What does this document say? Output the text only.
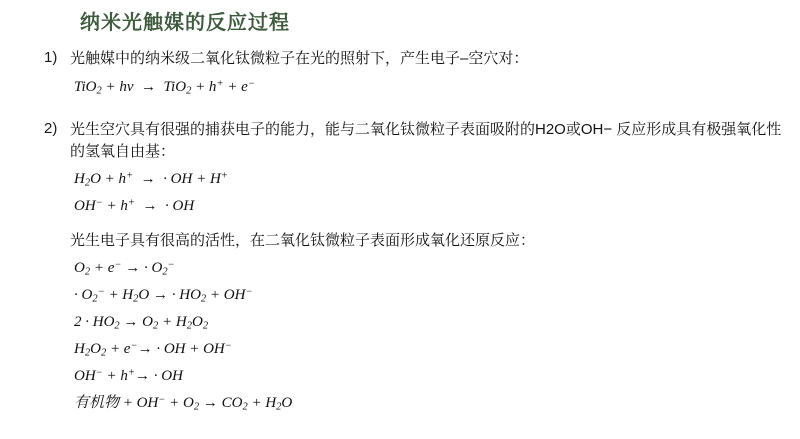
纳米光触媒的反应过程
1) 光触媒中的纳米级二氧化钛微粒子在光的照射下，产生电子–空穴对：
TiO$_2$ + hv  →  TiO$_2$ + h+ + e−
2) 光生空穴具有很强的捕获电子的能力，能与二氧化钛微粒子表面吸附的H2O或OH− 反应形成具有极强氧化性的氢氧自由基：
$H_2O + h^+$  →  · OH + H+
OH− + h+  →  · OH
光生电子具有很高的活性，在二氧化钛微粒子表面形成氧化还原反应：
$O_2 + e^-$ → · $O_2^-$
· $O_2^- + H_2O$ → · $HO_2 + OH^-$
$2 \cdot HO_2 \to O_2 + H_2O_2$
$H_2O_2 + e^-\to$ · OH + OH−
OH− + h+→ · OH
有机物 + $OH^- + O_2 \to CO_2 + H_2O$
